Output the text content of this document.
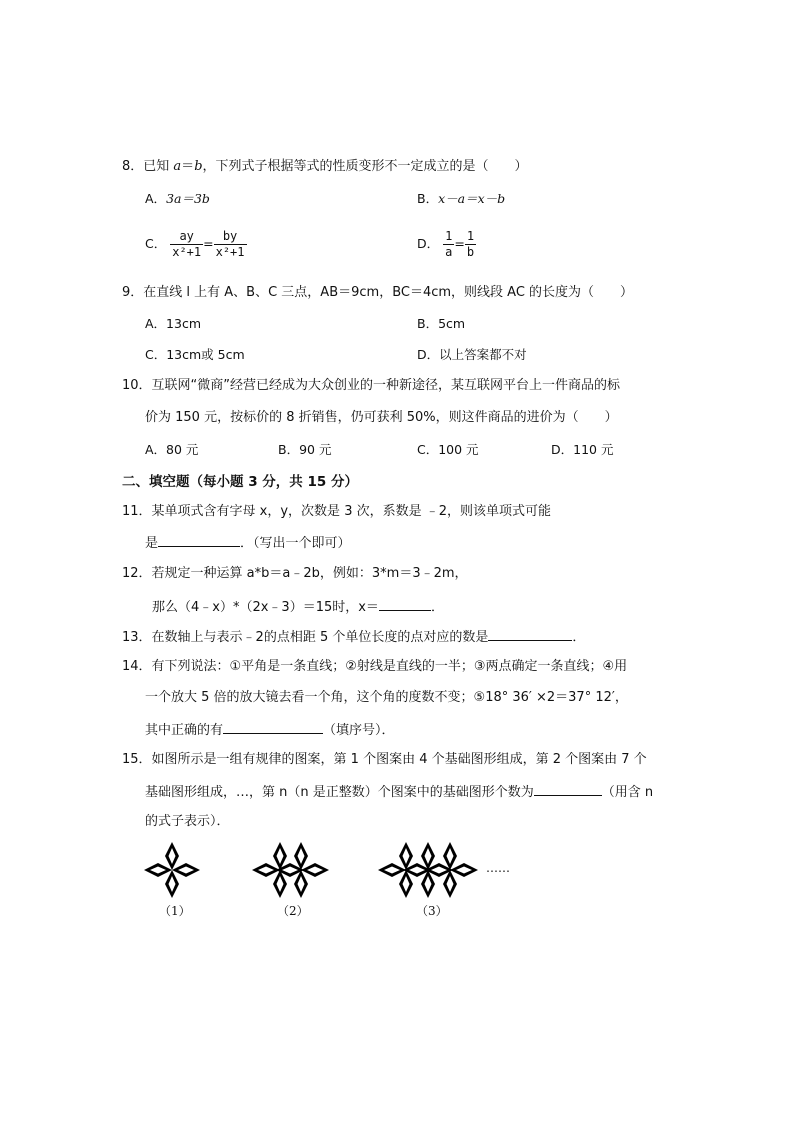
8．已知 a＝b，下列式子根据等式的性质变形不一定成立的是（　　）
A．3a＝3b	B．x－a＝x－b
C． $\frac{ay}{\text{x²+1}} = \frac{by}{\text{x²+1}}$	D． $\frac{1}{a} = \frac{1}{b}$
9．在直线 l 上有 A、B、C 三点，AB＝9cm，BC＝4cm，则线段 AC 的长度为（　　）
A．13cm	B．5cm
C．13cm或 5cm	D．以上答案都不对
10．互联网“微商”经营已经成为大众创业的一种新途径，某互联网平台上一件商品的标
价为 150 元，按标价的 8 折销售，仍可获利 50%，则这件商品的进价为（　　）
A．80 元	B．90 元	C．100 元	D．110 元
二、填空题（每小题 3 分，共 15 分）
11．某单项式含有字母 x，y，次数是 3 次，系数是 ﹣2，则该单项式可能
是	．（写出一个即可）
12．若规定一种运算 a*b＝a﹣2b，例如：3*m＝3﹣2m，
那么（4﹣x）*（2x﹣3）＝15时，x＝	．
13．在数轴上与表示﹣2的点相距 5 个单位长度的点对应的数是	．
14．有下列说法：①平角是一条直线；②射线是直线的一半；③两点确定一条直线；④用
一个放大 5 倍的放大镜去看一个角，这个角的度数不变；⑤18° 36′ ×2＝37° 12′，
其中正确的有	（填序号）．
15．如图所示是一组有规律的图案，第 1 个图案由 4 个基础图形组成，第 2 个图案由 7 个
基础图形组成，…，第 n（n 是正整数）个图案中的基础图形个数为	（用含 n
的式子表示）．
……
（1）	（2）	（3）
